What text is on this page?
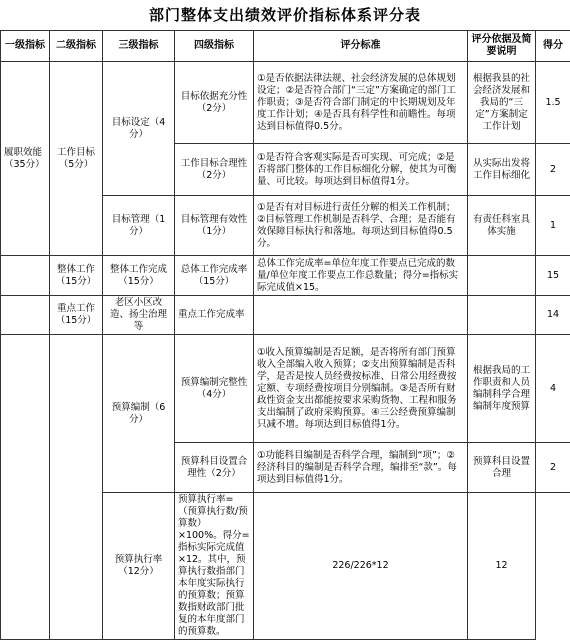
部门整体支出绩效评价指标体系评分表
一级指标	二级指标	三级指标	四级指标	评分标准	评分依据及简要说明	得分
履职效能（35分）	工作目标（5分）	目标设定（4分）	目标依据充分性（2分）	①是否依据法律法规、社会经济发展的总体规划设定；②是否符合部门“三定”方案确定的部门工作职责；③是否符合部门制定的中长期规划及年度工作计划；④是否具有科学性和前瞻性。每项达到目标值得0.5分。	根据我县的社会经济发展和我局的“三定”方案制定工作计划	1.5
			工作目标合理性（2分）	①是否符合客观实际是否可实现、可完成；②是否将部门整体的工作目标细化分解，使其为可衡量、可比较。每项达到目标值得1分。	从实际出发将工作目标细化	2
		目标管理（1分）	目标管理有效性（1分）	①是否有对目标进行责任分解的相关工作机制；②目标管理工作机制是否科学、合理；是否能有效保障目标执行和落地。每项达到目标值得0.5分。	有责任科室具体实施	1
	整体工作（15分）	整体工作完成（15分）	总体工作完成率（15分）	总体工作完成率=单位年度工作要点已完成的数量/单位年度工作要点工作总数量；得分=指标实际完成值×15。		15
	重点工作（15分）	老区小区改造、扬尘治理等	重点工作完成率			14
		预算编制（6分）	预算编制完整性（4分）	①收入预算编制是否足额，是否将所有部门预算收入全部编入收入预算；②支出预算编制是否科学，是否是按人员经费按标准、日常公用经费按定额、专项经费按项目分别编制。③是否所有财政性资金支出都能按要求采购货物、工程和服务支出编制了政府采购预算。④三公经费预算编制只减不增。每项达到目标值得1分。	根据我局的工作职责和人员编制科学合理编制年度预算	4
			预算科目设置合理性（2分）	①功能科目编制是否科学合理，编制到“项”；②经济科目的编制是否科学合理，编排至“款”。每项达到目标值得1分。	预算科目设置合理	2
		预算执行率（12分）	预算执行率=（预算执行数/预算数）×100%。得分=指标实际完成值×12。其中，预算执行数指部门本年度实际执行的预算数；预算数指财政部门批复的本年度部门的预算数。	226/226*12	12	
